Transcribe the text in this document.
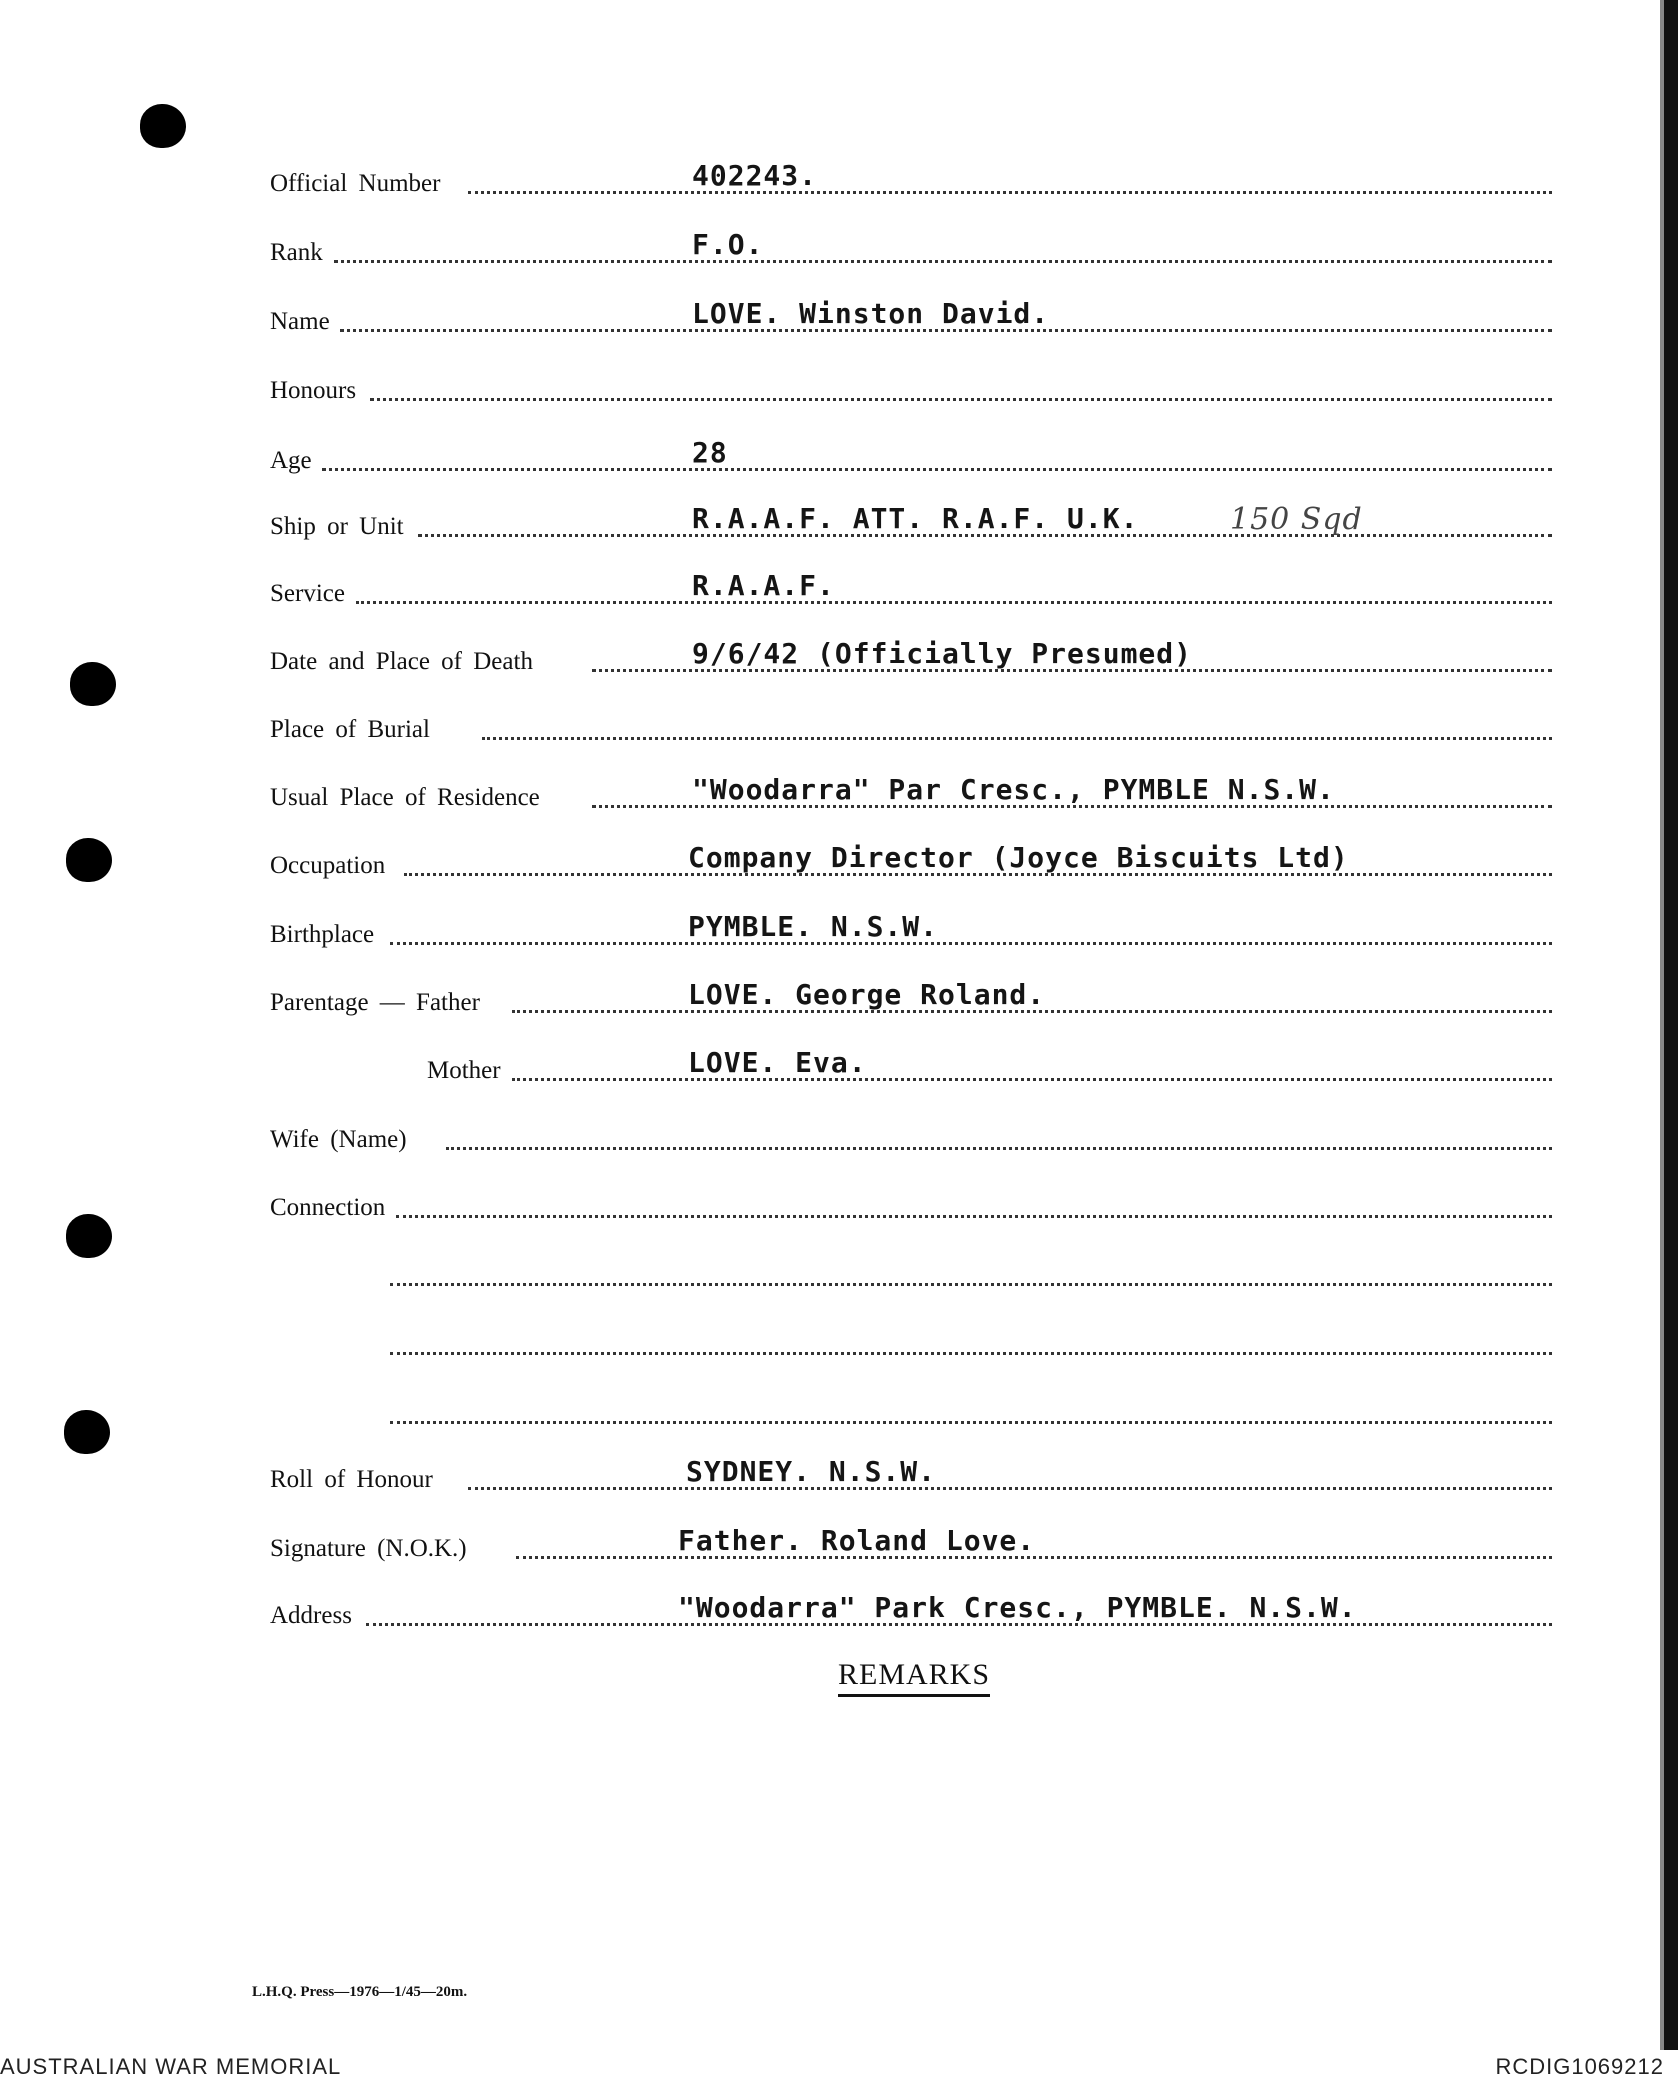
Official Number	402243.
Rank	F.O.
Name	LOVE. Winston David.
Honours
Age	28
Ship or Unit	R.A.A.F. ATT. R.A.F. U.K.	150 Sqd
Service	R.A.A.F.
Date and Place of Death	9/6/42 (Officially Presumed)
Place of Burial
Usual Place of Residence	"Woodarra" Par Cresc., PYMBLE N.S.W.
Occupation	Company Director (Joyce Biscuits Ltd)
Birthplace	PYMBLE. N.S.W.
Parentage — Father	LOVE. George Roland.
Mother	LOVE. Eva.
Wife (Name)
Connection
Roll of Honour	SYDNEY. N.S.W.
Signature (N.O.K.)	Father. Roland Love.
Address	"Woodarra" Park Cresc., PYMBLE. N.S.W.
REMARKS
L.H.Q. Press—1976—1/45—20m.
AUSTRALIAN WAR MEMORIAL	RCDIG1069212
